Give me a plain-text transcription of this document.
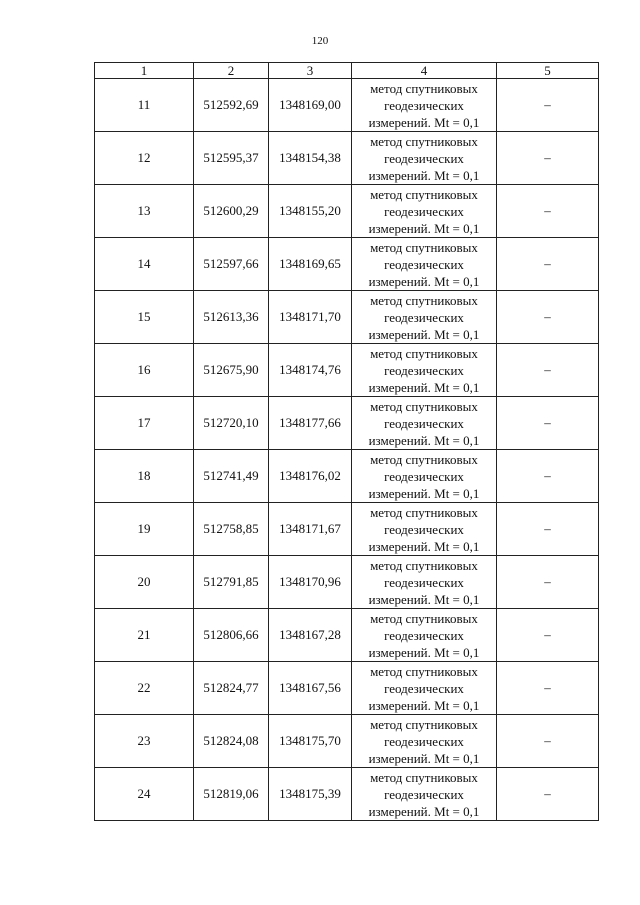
120
1	2	3	4	5
11	512592,69	1348169,00	метод спутниковых
геодезических
измерений. Mt = 0,1	–
12	512595,37	1348154,38	метод спутниковых
геодезических
измерений. Mt = 0,1	–
13	512600,29	1348155,20	метод спутниковых
геодезических
измерений. Mt = 0,1	–
14	512597,66	1348169,65	метод спутниковых
геодезических
измерений. Mt = 0,1	–
15	512613,36	1348171,70	метод спутниковых
геодезических
измерений. Mt = 0,1	–
16	512675,90	1348174,76	метод спутниковых
геодезических
измерений. Mt = 0,1	–
17	512720,10	1348177,66	метод спутниковых
геодезических
измерений. Mt = 0,1	–
18	512741,49	1348176,02	метод спутниковых
геодезических
измерений. Mt = 0,1	–
19	512758,85	1348171,67	метод спутниковых
геодезических
измерений. Mt = 0,1	–
20	512791,85	1348170,96	метод спутниковых
геодезических
измерений. Mt = 0,1	–
21	512806,66	1348167,28	метод спутниковых
геодезических
измерений. Mt = 0,1	–
22	512824,77	1348167,56	метод спутниковых
геодезических
измерений. Mt = 0,1	–
23	512824,08	1348175,70	метод спутниковых
геодезических
измерений. Mt = 0,1	–
24	512819,06	1348175,39	метод спутниковых
геодезических
измерений. Mt = 0,1	–
